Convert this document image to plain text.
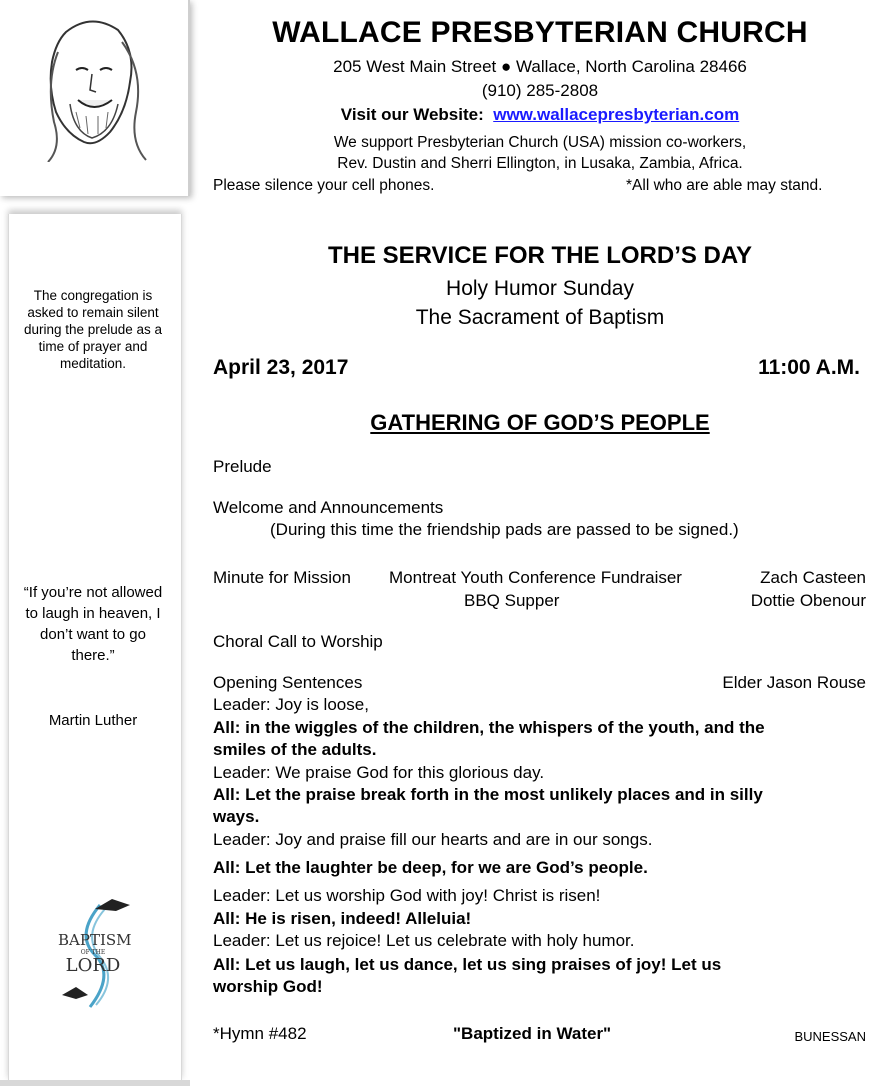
The congregation is asked to remain silent during the prelude as a time of prayer and meditation.
“If you’re not allowed to laugh in heaven, I don’t want to go there.”
Martin Luther
BAPTISM
OF THE
LORD
WALLACE PRESBYTERIAN CHURCH
205 West Main Street ● Wallace, North Carolina 28466
(910) 285-2808
Visit our Website: www.wallacepresbyterian.com
We support Presbyterian Church (USA) mission co-workers,
Rev. Dustin and Sherri Ellington, in Lusaka, Zambia, Africa.
Please silence your cell phones.	*All who are able may stand.
THE SERVICE FOR THE LORD’S DAY
Holy Humor Sunday
The Sacrament of Baptism
April 23, 2017	11:00 A.M.
GATHERING OF GOD’S PEOPLE
Prelude
Welcome and Announcements
(During this time the friendship pads are passed to be signed.)
Minute for Mission Montreat Youth Conference Fundraiser	Zach Casteen
BBQ Supper	Dottie Obenour
Choral Call to Worship
Opening Sentences	Elder Jason Rouse
Leader: Joy is loose,
All: in the wiggles of the children, the whispers of the youth, and the
smiles of the adults.
Leader: We praise God for this glorious day.
All: Let the praise break forth in the most unlikely places and in silly
ways.
Leader: Joy and praise fill our hearts and are in our songs.
All: Let the laughter be deep, for we are God’s people.
Leader: Let us worship God with joy! Christ is risen!
All: He is risen, indeed! Alleluia!
Leader: Let us rejoice! Let us celebrate with holy humor.
All: Let us laugh, let us dance, let us sing praises of joy! Let us
worship God!
*Hymn #482	"Baptized in Water"	BUNESSAN
